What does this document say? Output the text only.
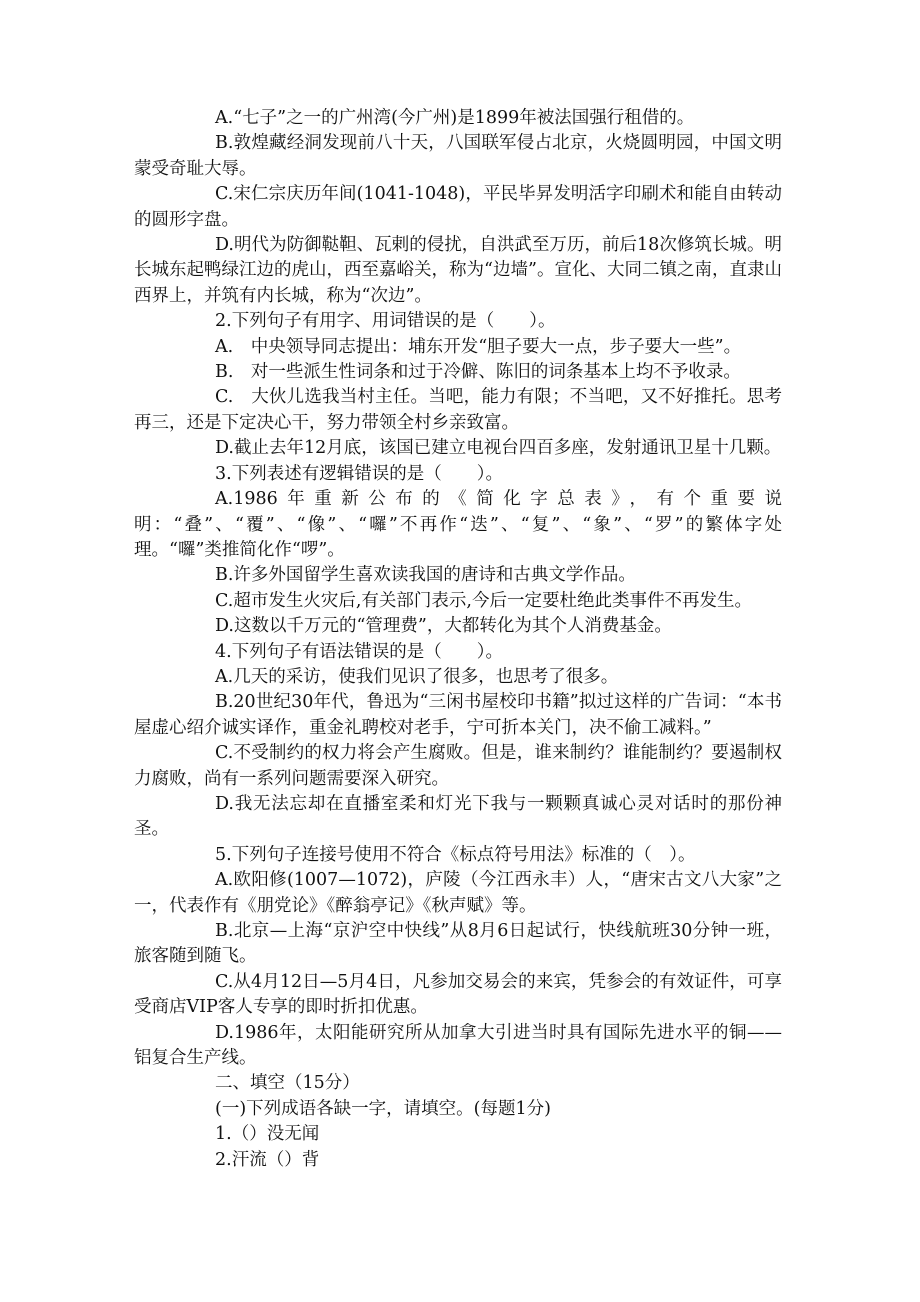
A.“七子”之一的广州湾(今广州)是1899年被法国强行租借的。

B.敦煌藏经洞发现前八十天，八国联军侵占北京，火烧圆明园，中国文明蒙受奇耻大辱。

C.宋仁宗庆历年间(1041-1048)，平民毕昇发明活字印刷术和能自由转动的圆形字盘。

D.明代为防御鞑靼、瓦剌的侵扰，自洪武至万历，前后18次修筑长城。明长城东起鸭绿江边的虎山，西至嘉峪关，称为“边墙”。宣化、大同二镇之南，直隶山西界上，并筑有内长城，称为“次边”。

2.下列句子有用字、用词错误的是（　　）。

A.　中央领导同志提出：埔东开发“胆子要大一点，步子要大一些”。

B.　对一些派生性词条和过于冷僻、陈旧的词条基本上均不予收录。

C.　大伙儿选我当村主任。当吧，能力有限；不当吧，又不好推托。思考再三，还是下定决心干，努力带领全村乡亲致富。

D.截止去年12月底，该国已建立电视台四百多座，发射通讯卫星十几颗。

3.下列表述有逻辑错误的是（　　）。

A.1986年重新公布的《简化字总表》，有个重要说明：“叠”、“覆”、“像”、“囉”不再作“迭”、“复”、“象”、“罗”的繁体字处理。“囉”类推简化作“啰”。

B.许多外国留学生喜欢读我国的唐诗和古典文学作品。

C.超市发生火灾后,有关部门表示,今后一定要杜绝此类事件不再发生。

D.这数以千万元的“管理费”，大都转化为其个人消费基金。

4.下列句子有语法错误的是（　　）。

A.几天的采访，使我们见识了很多，也思考了很多。

B.20世纪30年代，鲁迅为“三闲书屋校印书籍”拟过这样的广告词：“本书屋虚心绍介诚实译作，重金礼聘校对老手，宁可折本关门，决不偷工减料。”

C.不受制约的权力将会产生腐败。但是，谁来制约？谁能制约？要遏制权力腐败，尚有一系列问题需要深入研究。

D.我无法忘却在直播室柔和灯光下我与一颗颗真诚心灵对话时的那份神圣。

5.下列句子连接号使用不符合《标点符号用法》标准的（　）。

A.欧阳修(1007—1072)，庐陵（今江西永丰）人，“唐宋古文八大家”之一，代表作有《朋党论》《醉翁亭记》《秋声赋》等。

B.北京—上海“京沪空中快线”从8月6日起试行，快线航班30分钟一班，旅客随到随飞。

C.从4月12日—5月4日，凡参加交易会的来宾，凭参会的有效证件，可享受商店VIP客人专享的即时折扣优惠。

D.1986年，太阳能研究所从加拿大引进当时具有国际先进水平的铜——铝复合生产线。

二、填空（15分）

(一)下列成语各缺一字，请填空。(每题1分)

1.（）没无闻

2.汗流（）背
